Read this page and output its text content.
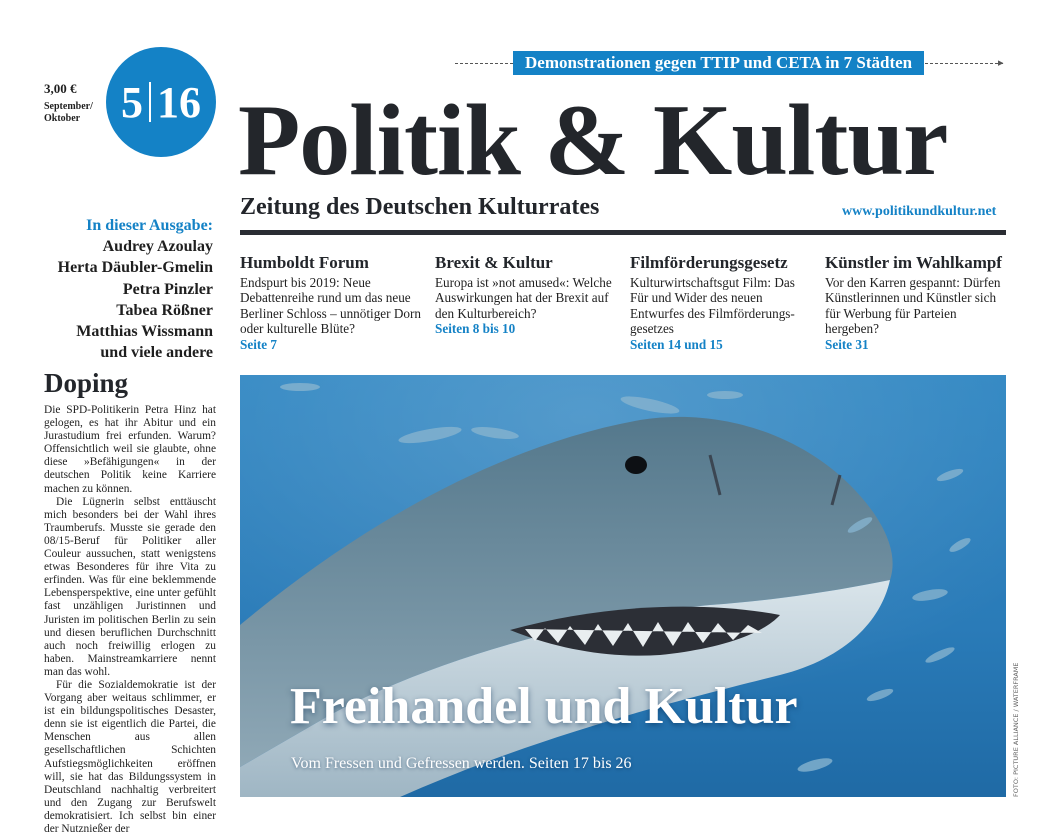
▸
Demonstrationen gegen TTIP und CETA in 7 Städten
3,00 €
September/
Oktober 5 16 Politik & Kultur
Zeitung des Deutschen Kulturrates	www.politikundkultur.net
In dieser Ausgabe:
Audrey Azoulay
Herta Däubler-Gmelin
Petra Pinzler
Tabea Rößner
Matthias Wissmann
und viele andere
Humboldt Forum

Endspurt bis 2019: Neue Debattenreihe rund um das neue Berliner Schloss – unnötiger Dorn oder kulturelle Blüte?

Seite 7
Brexit & Kultur

Europa ist »not amused«: Welche Auswirkungen hat der Brexit auf den Kulturbereich?

Seiten 8 bis 10
Filmförderungsgesetz

Kulturwirtschaftsgut Film: Das Für und Wider des neuen Entwurfes des Filmförderungsgesetzes

Seiten 14 und 15
Künstler im Wahlkampf

Vor den Karren gespannt: Dürfen Künstlerinnen und Künstler sich für Werbung für Parteien hergeben?

Seite 31
Doping

Die SPD-Politikerin Petra Hinz hat gelogen, es hat ihr Abitur und ein Jurastudium frei erfunden. Warum? Offensichtlich weil sie glaubte, ohne diese »Befähigungen« in der deutschen Politik keine Karriere machen zu können.

Die Lügnerin selbst enttäuscht mich besonders bei der Wahl ihres Traumberufs. Musste sie gerade den 08/15-Beruf für Politiker aller Couleur aussuchen, statt wenigstens etwas Besonderes für ihre Vita zu erfinden. Was für eine beklemmende Lebensperspektive, eine unter gefühlt fast unzähligen Juristinnen und Juristen im politischen Berlin zu sein und diesen beruflichen Durchschnitt auch noch freiwillig erlogen zu haben. Mainstreamkarriere nennt man das wohl.

Für die Sozialdemokratie ist der Vorgang aber weitaus schlimmer, er ist ein bildungspolitisches Desaster, denn sie ist eigentlich die Partei, die Menschen aus allen gesellschaftlichen Schichten Aufstiegsmöglichkeiten eröffnen will, sie hat das Bildungssystem in Deutschland nachhaltig verbreitert und den Zugang zur Berufswelt demokratisiert. Ich selbst bin einer der Nutznießer der

Freihandel und Kultur
Vom Fressen und Gefressen werden. Seiten 17 bis 26	FOTO: PICTURE ALLIANCE / WATERFRAME
